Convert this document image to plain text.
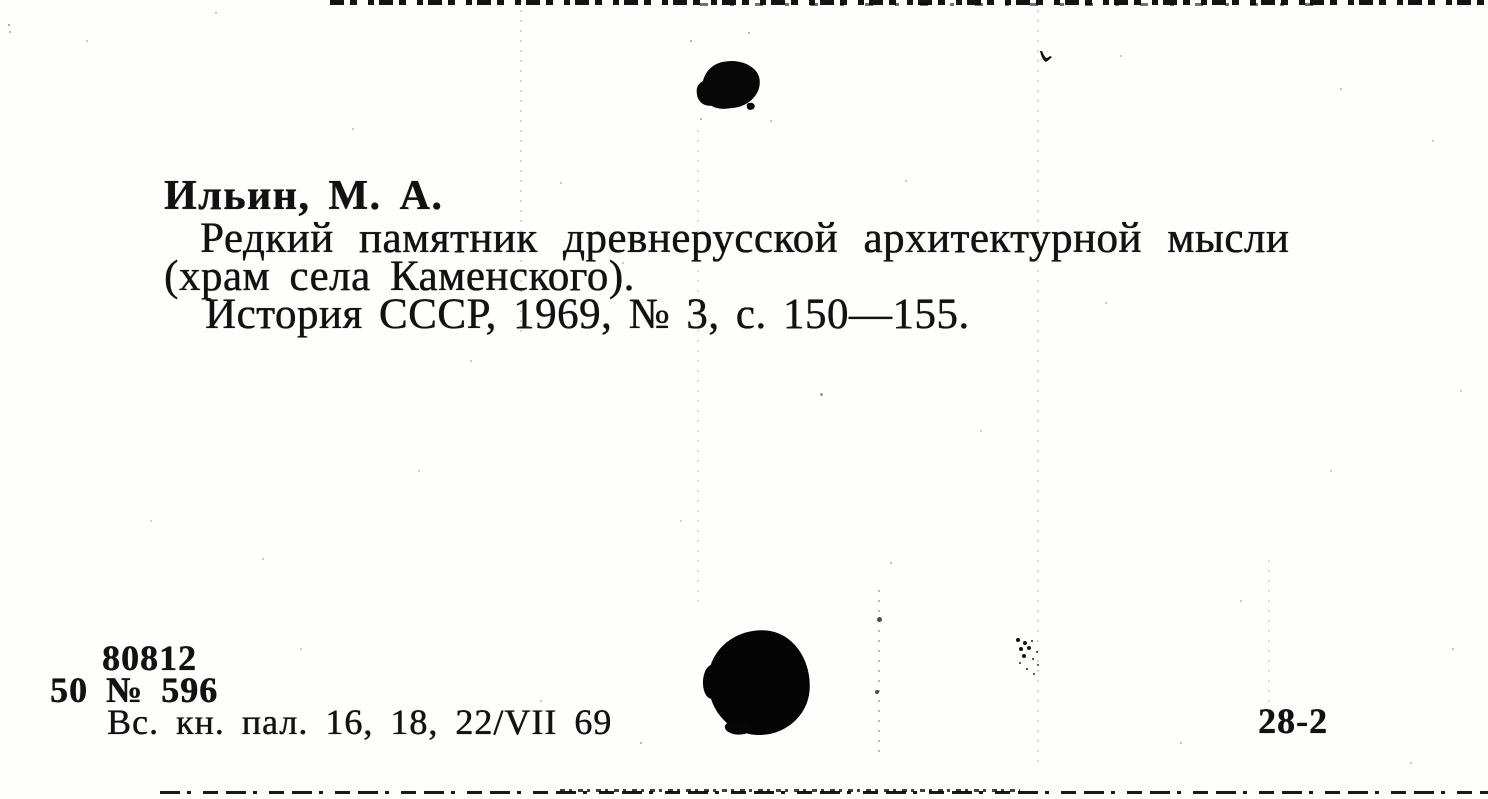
Ильин, М. А.
Редкий памятник древнерусской архитектурной мысли
(храм села Каменского).
История СССР, 1969, № 3, с. 150—155.
80812
50 № 596
Вс. кн. пал. 16, 18, 22/VII 69	28-2
